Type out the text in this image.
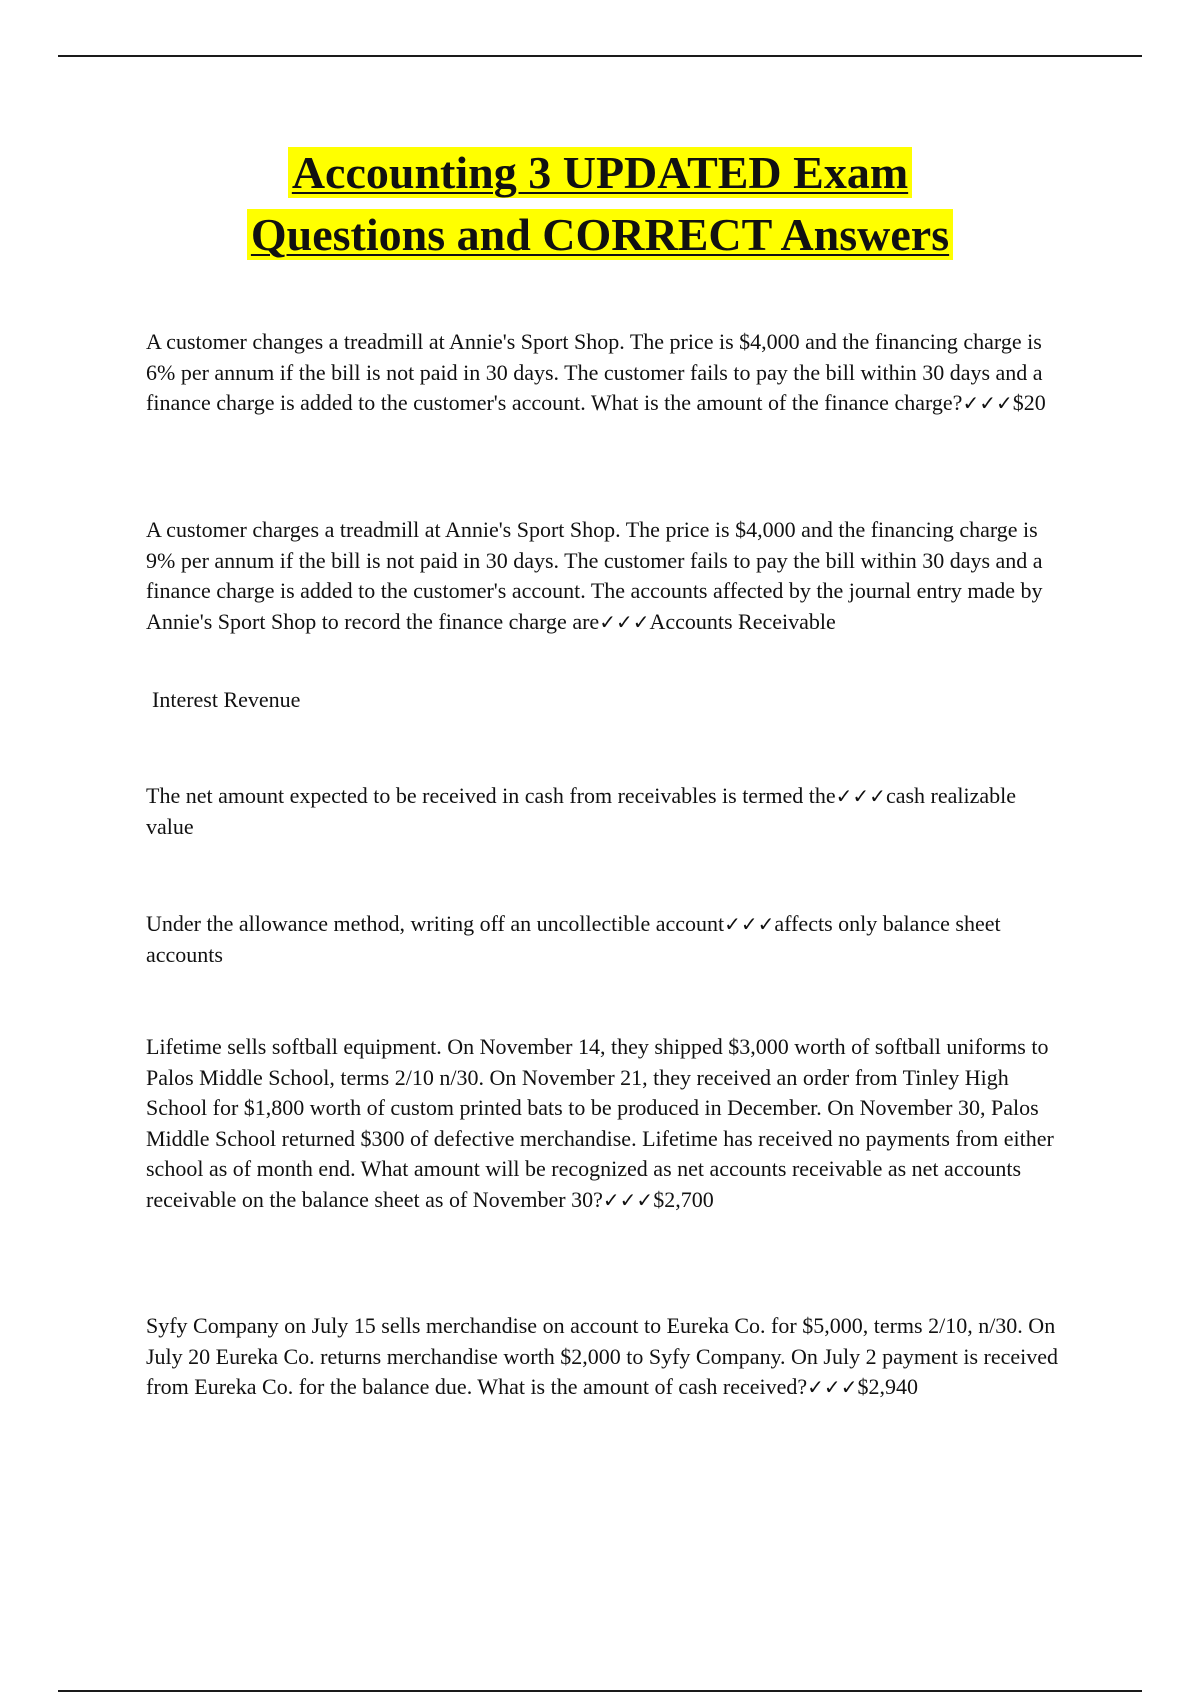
Accounting 3 UPDATED Exam
Questions and CORRECT Answers
A customer changes a treadmill at Annie's Sport Shop. The price is $4,000 and the financing charge is 6% per annum if the bill is not paid in 30 days. The customer fails to pay the bill within 30 days and a finance charge is added to the customer's account. What is the amount of the finance charge?✓✓✓$20
A customer charges a treadmill at Annie's Sport Shop. The price is $4,000 and the financing charge is 9% per annum if the bill is not paid in 30 days. The customer fails to pay the bill within 30 days and a finance charge is added to the customer's account. The accounts affected by the journal entry made by Annie's Sport Shop to record the finance charge are✓✓✓Accounts Receivable
Interest Revenue
The net amount expected to be received in cash from receivables is termed the✓✓✓cash realizable value
Under the allowance method, writing off an uncollectible account✓✓✓affects only balance sheet accounts
Lifetime sells softball equipment. On November 14, they shipped $3,000 worth of softball uniforms to Palos Middle School, terms 2/10 n/30. On November 21, they received an order from Tinley High School for $1,800 worth of custom printed bats to be produced in December. On November 30, Palos Middle School returned $300 of defective merchandise. Lifetime has received no payments from either school as of month end. What amount will be recognized as net accounts receivable as net accounts receivable on the balance sheet as of November 30?✓✓✓$2,700
Syfy Company on July 15 sells merchandise on account to Eureka Co. for $5,000, terms 2/10, n/30. On July 20 Eureka Co. returns merchandise worth $2,000 to Syfy Company. On July 2 payment is received from Eureka Co. for the balance due. What is the amount of cash received?✓✓✓$2,940
